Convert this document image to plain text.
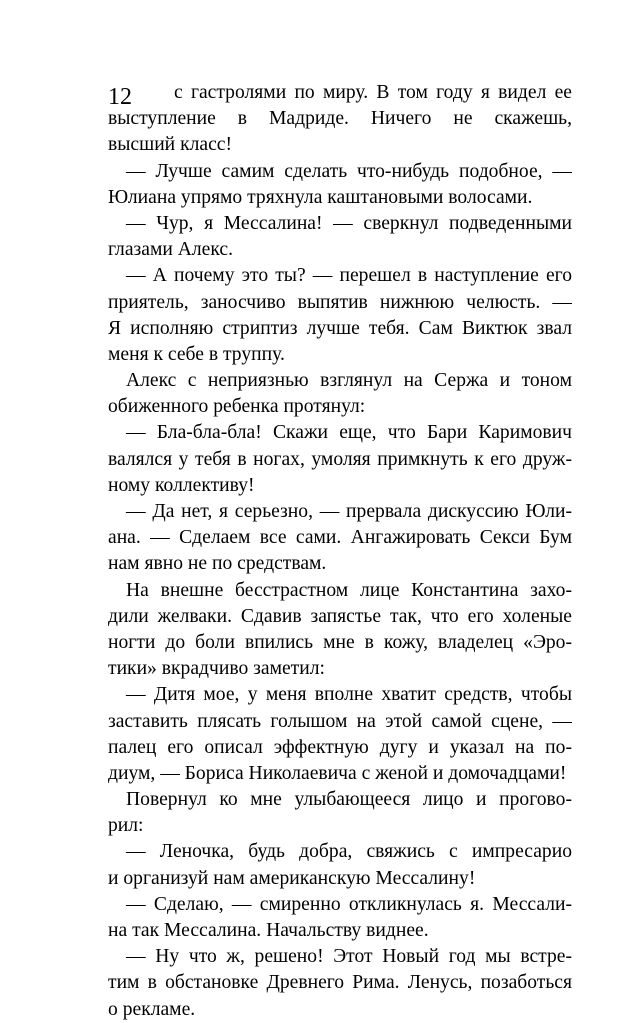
12	с гастролями по миру. В том году я видел ее
выступление в Мадриде. Ничего не скажешь,
высший класс!
— Лучше самим сделать что-нибудь подобное, —
Юлиана упрямо тряхнула каштановыми волосами.
— Чур, я Мессалина! — сверкнул подведенными
глазами Алекс.
— А почему это ты? — перешел в наступление его
приятель, заносчиво выпятив нижнюю челюсть. —
Я исполняю стриптиз лучше тебя. Сам Виктюк звал
меня к себе в труппу.
Алекс с неприязнью взглянул на Сержа и тоном
обиженного ребенка протянул:
— Бла-бла-бла! Скажи еще, что Бари Каримович
валялся у тебя в ногах, умоляя примкнуть к его друж-
ному коллективу!
— Да нет, я серьезно, — прервала дискуссию Юли-
ана. — Сделаем все сами. Ангажировать Секси Бум
нам явно не по средствам.
На внешне бесстрастном лице Константина захо-
дили желваки. Сдавив запястье так, что его холеные
ногти до боли впились мне в кожу, владелец «Эро-
тики» вкрадчиво заметил:
— Дитя мое, у меня вполне хватит средств, чтобы
заставить плясать голышом на этой самой сцене, —
палец его описал эффектную дугу и указал на по-
диум, — Бориса Николаевича с женой и домочадцами!
Повернул ко мне улыбающееся лицо и прогово-
рил:
— Леночка, будь добра, свяжись с импресарио
и организуй нам американскую Мессалину!
— Сделаю, — смиренно откликнулась я. Мессали-
на так Мессалина. Начальству виднее.
— Ну что ж, решено! Этот Новый год мы встре-
тим в обстановке Древнего Рима. Ленусь, позаботься
о рекламе.
